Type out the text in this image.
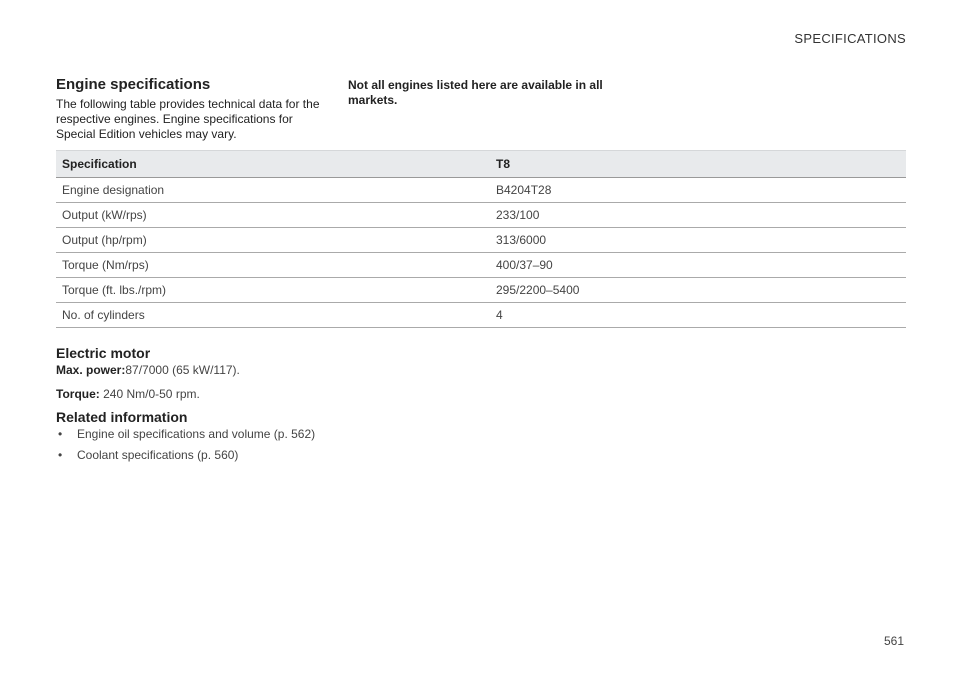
SPECIFICATIONS
Engine specifications

The following table provides technical data for the respective engines. Engine specifications for Special Edition vehicles may vary.

Not all engines listed here are available in all markets.

Specification	T8
Engine designation	B4204T28
Output (kW/rps)	233/100
Output (hp/rpm)	313/6000
Torque (Nm/rps)	400/37–90
Torque (ft. lbs./rpm)	295/2200–5400
No. of cylinders	4
Electric motor

Max. power:87/7000 (65 kW/117).

Torque: 240 Nm/0-50 rpm.

Related information
• Engine oil specifications and volume (p. 562)
• Coolant specifications (p. 560)
561
